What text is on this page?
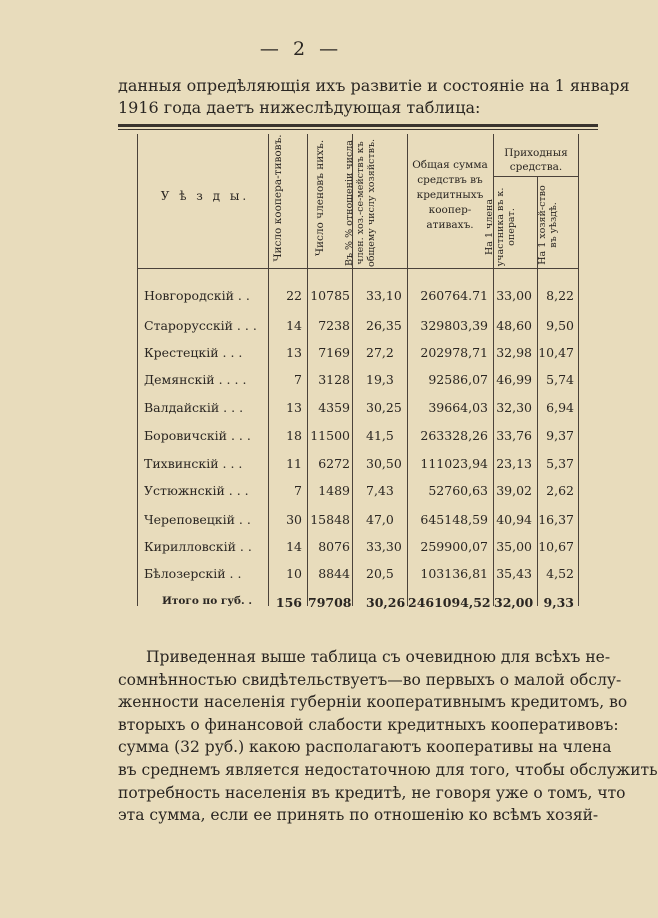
— 2 —
данныя опредѣляющія ихъ развитіе и состояніе на 1 января
1916 года даетъ нижеслѣдующая таблица:
У ѣ з д ы.	Число коопера-тивовъ.	Число членовъ нихъ.	Въ % % отношеніи числа член. хоз.-се-мействъ къ общему числу хозяйствъ.	Общая сумма средствъ въ кредитныхъ коопер-ативахъ.
Приходныя средства.
На 1 члена участника въ к. операт.	На 1 хозяй-ство въ уѣздѣ.
Новгородскій . .	22 10785 33,10	260764.71 33,00	8,22
Старорусскій . . .	14	7238 26,35	329803,39 48,60	9,50
Крестецкій . . .	13	7169 27,2	202978,71 32,98 10,47
Демянскій . . . .	7	3128 19,3	92586,07 46,99	5,74
Валдайскій . . .	13	4359 30,25	39664,03 32,30	6,94
Боровичскій . . .	18 11500 41,5	263328,26 33,76	9,37
Тихвинскій . . .	11	6272 30,50	111023,94 23,13	5,37
Устюжнскій . . .	7	1489 7,43	52760,63 39,02	2,62
Череповецкій . .	30 15848 47,0	645148,59 40,94 16,37
Кирилловскій . .	14	8076 33,30	259900,07 35,00 10,67
Бѣлозерскій . .	10	8844 20,5	103136,81 35,43	4,52
Итого по губ. .	156 79708 30,26 2461094,52 32,00 9,33
Приведенная выше таблица съ очевидною для всѣхъ не-
сомнѣнностью свидѣтельствуетъ—во первыхъ о малой обслу-
женности населенія губерніи кооперативнымъ кредитомъ, во
вторыхъ о финансовой слабости кредитныхъ кооперативовъ:
сумма (32 руб.) какою располагаютъ кооперативы на члена
въ среднемъ является недостаточною для того, чтобы обслужить
потребность населенія въ кредитѣ, не говоря уже о томъ, что
эта сумма, если ее принять по отношенію ко всѣмъ хозяй-
